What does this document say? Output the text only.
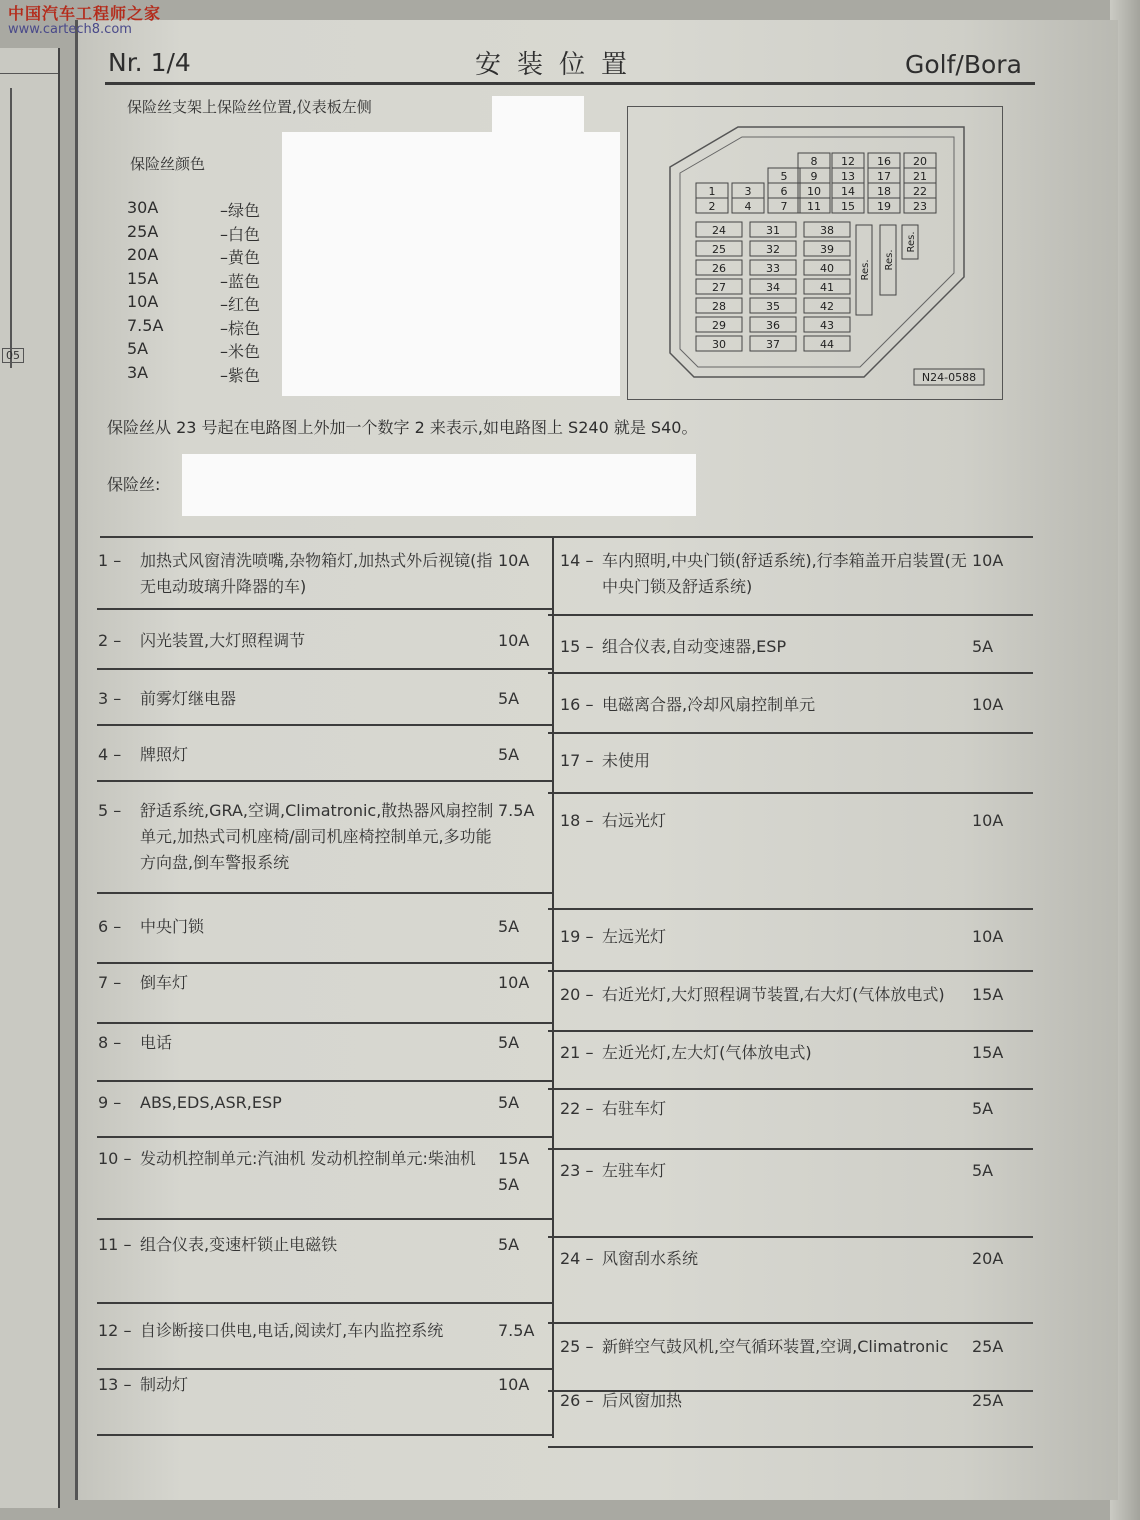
05
中国汽车工程师之家
www.cartech8.com
Nr. 1/4	安装位置	Golf/Bora
保险丝支架上保险丝位置,仪表板左侧
保险丝颜色
30A	–绿色
25A	–白色
20A	–黄色
15A	–蓝色
10A	–红色
7.5A	–棕色
5A	–米色
3A	–紫色
8 12 16 20
5 9 13 17 21
1	3	6 10 14 18 22
2	4	7 11 15 19 23
24
25
26
27
28
29
30
31
32
33
34
35
36
37
38
39
40
41
42
43
44
Res. Res.
Res.
N24-0588
保险丝从 23 号起在电路图上外加一个数字 2 来表示,如电路图上 S240 就是 S40。
保险丝:
1 – 加热式风窗清洗喷嘴,杂物箱灯,加热式外后视镜(指无电动玻璃升降器的车)
10A
2 – 闪光装置,大灯照程调节	10A
3 – 前雾灯继电器	5A
4 – 牌照灯	5A
5 – 舒适系统,GRA,空调,Climatronic,散热器风扇控制单元,加热式司机座椅/副司机座椅控制单元,多功能方向盘,倒车警报系统
7.5A
6 – 中央门锁	5A
7 – 倒车灯	10A
8 – 电话	5A
9 – ABS,EDS,ASR,ESP	5A
10 – 发动机控制单元:汽油机 发动机控制单元:柴油机	15A
5A
11 – 组合仪表,变速杆锁止电磁铁	5A
12 – 自诊断接口供电,电话,阅读灯,车内监控系统	7.5A
13 – 制动灯	10A
14 – 车内照明,中央门锁(舒适系统),行李箱盖开启装置(无中央门锁及舒适系统)
10A
15 – 组合仪表,自动变速器,ESP	5A
16 – 电磁离合器,冷却风扇控制单元	10A
17 – 未使用
18 – 右远光灯	10A
19 – 左远光灯	10A
20 – 右近光灯,大灯照程调节装置,右大灯(气体放电式)	15A
21 – 左近光灯,左大灯(气体放电式)	15A
22 – 右驻车灯	5A
23 – 左驻车灯	5A
24 – 风窗刮水系统	20A
25 – 新鲜空气鼓风机,空气循环装置,空调,Climatronic	25A
26 – 后风窗加热	25A
